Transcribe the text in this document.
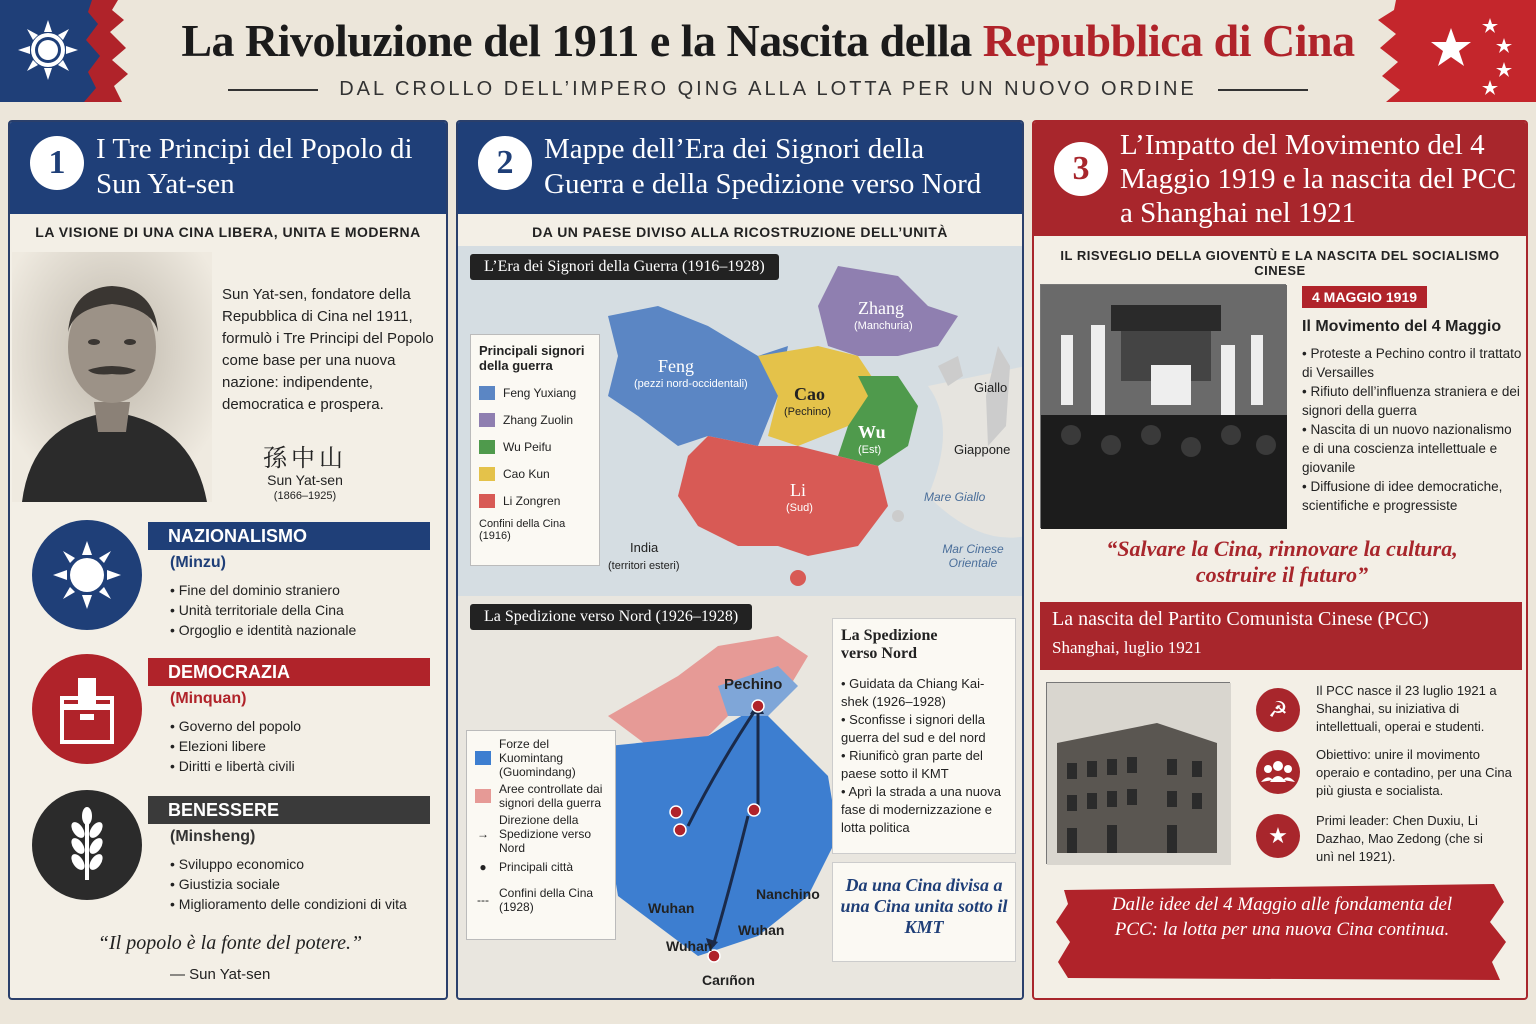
La Rivoluzione del 1911 e la Nascita della Repubblica di Cina
DAL CROLLO DELL’IMPERO QING ALLA LOTTA PER UN NUOVO ORDINE
1	I Tre Principi del Popolo di Sun Yat-sen
LA VISIONE DI UNA CINA LIBERA, UNITA E MODERNA
Sun Yat-sen, fondatore della Repubblica di Cina nel 1911, formulò i Tre Principi del Popolo come base per una nuova nazione: indipendente, democratica e prospera.
孫中山
Sun Yat-sen
(1866–1925)
NAZIONALISMO
(Minzu)
• Fine del dominio straniero
• Unità territoriale della Cina
• Orgoglio e identità nazionale
DEMOCRAZIA
(Minquan)
• Governo del popolo
• Elezioni libere
• Diritti e libertà civili
BENESSERE
(Minsheng)
• Sviluppo economico
• Giustizia sociale
• Miglioramento delle condizioni di vita
“Il popolo è la fonte del potere.”
— Sun Yat-sen
2	Mappe dell’Era dei Signori della Guerra e della Spedizione verso Nord
DA UN PAESE DIVISO ALLA RICOSTRUZIONE DELL’UNITÀ
L’Era dei Signori della Guerra (1916–1928)
Principali signori della guerra
Feng Yuxiang
Zhang Zuolin
Wu Peifu
Cao Kun
Li Zongren
Confini della Cina (1916)
Feng
(pezzi nord-occidentali)
Zhang
(Manchuria)
Cao
(Pechino)
Wu
(Est)
Li
(Sud)
India
(territori esteri)
Giallo
Giappone
Mare Giallo
Mar Cinese Orientale
La Spedizione verso Nord (1926–1928)
Forze del Kuomintang (Guomindang)
Aree controllate dai signori della guerra
→
Direzione della Spedizione verso Nord
●	Principali città
--- Confini della Cina (1928)
Pechino
Nanchino
Wuhan
Wuhan
Wuhan
Carıñon
La Spedizione verso Nord
• Guidata da Chiang Kai-shek (1926–1928)
• Sconfisse i signori della guerra del sud e del nord
• Riunificò gran parte del paese sotto il KMT
• Aprì la strada a una nuova fase di modernizzazione e lotta politica
Da una Cina divisa a una Cina unita sotto il KMT
3
L’Impatto del Movimento del 4 Maggio 1919 e la nascita del PCC a Shanghai nel 1921
IL RISVEGLIO DELLA GIOVENTÙ E LA NASCITA DEL SOCIALISMO CINESE
4 MAGGIO 1919
Il Movimento del 4 Maggio
• Proteste a Pechino contro il trattato di Versailles
• Rifiuto dell’influenza straniera e dei signori della guerra
• Nascita di un nuovo nazionalismo e di una coscienza intellettuale e giovanile
• Diffusione di idee democratiche, scientifiche e progressiste
“Salvare la Cina, rinnovare la cultura, costruire il futuro”
La nascita del Partito Comunista Cinese (PCC)
Shanghai, luglio 1921
☭
Il PCC nasce il 23 luglio 1921 a Shanghai, su iniziativa di intellettuali, operai e studenti.
Obiettivo: unire il movimento operaio e contadino, per una Cina più giusta e socialista.
★
Primi leader: Chen Duxiu, Li Dazhao, Mao Zedong (che si unì nel 1921).
Dalle idee del 4 Maggio alle fondamenta del PCC: la lotta per una nuova Cina continua.
